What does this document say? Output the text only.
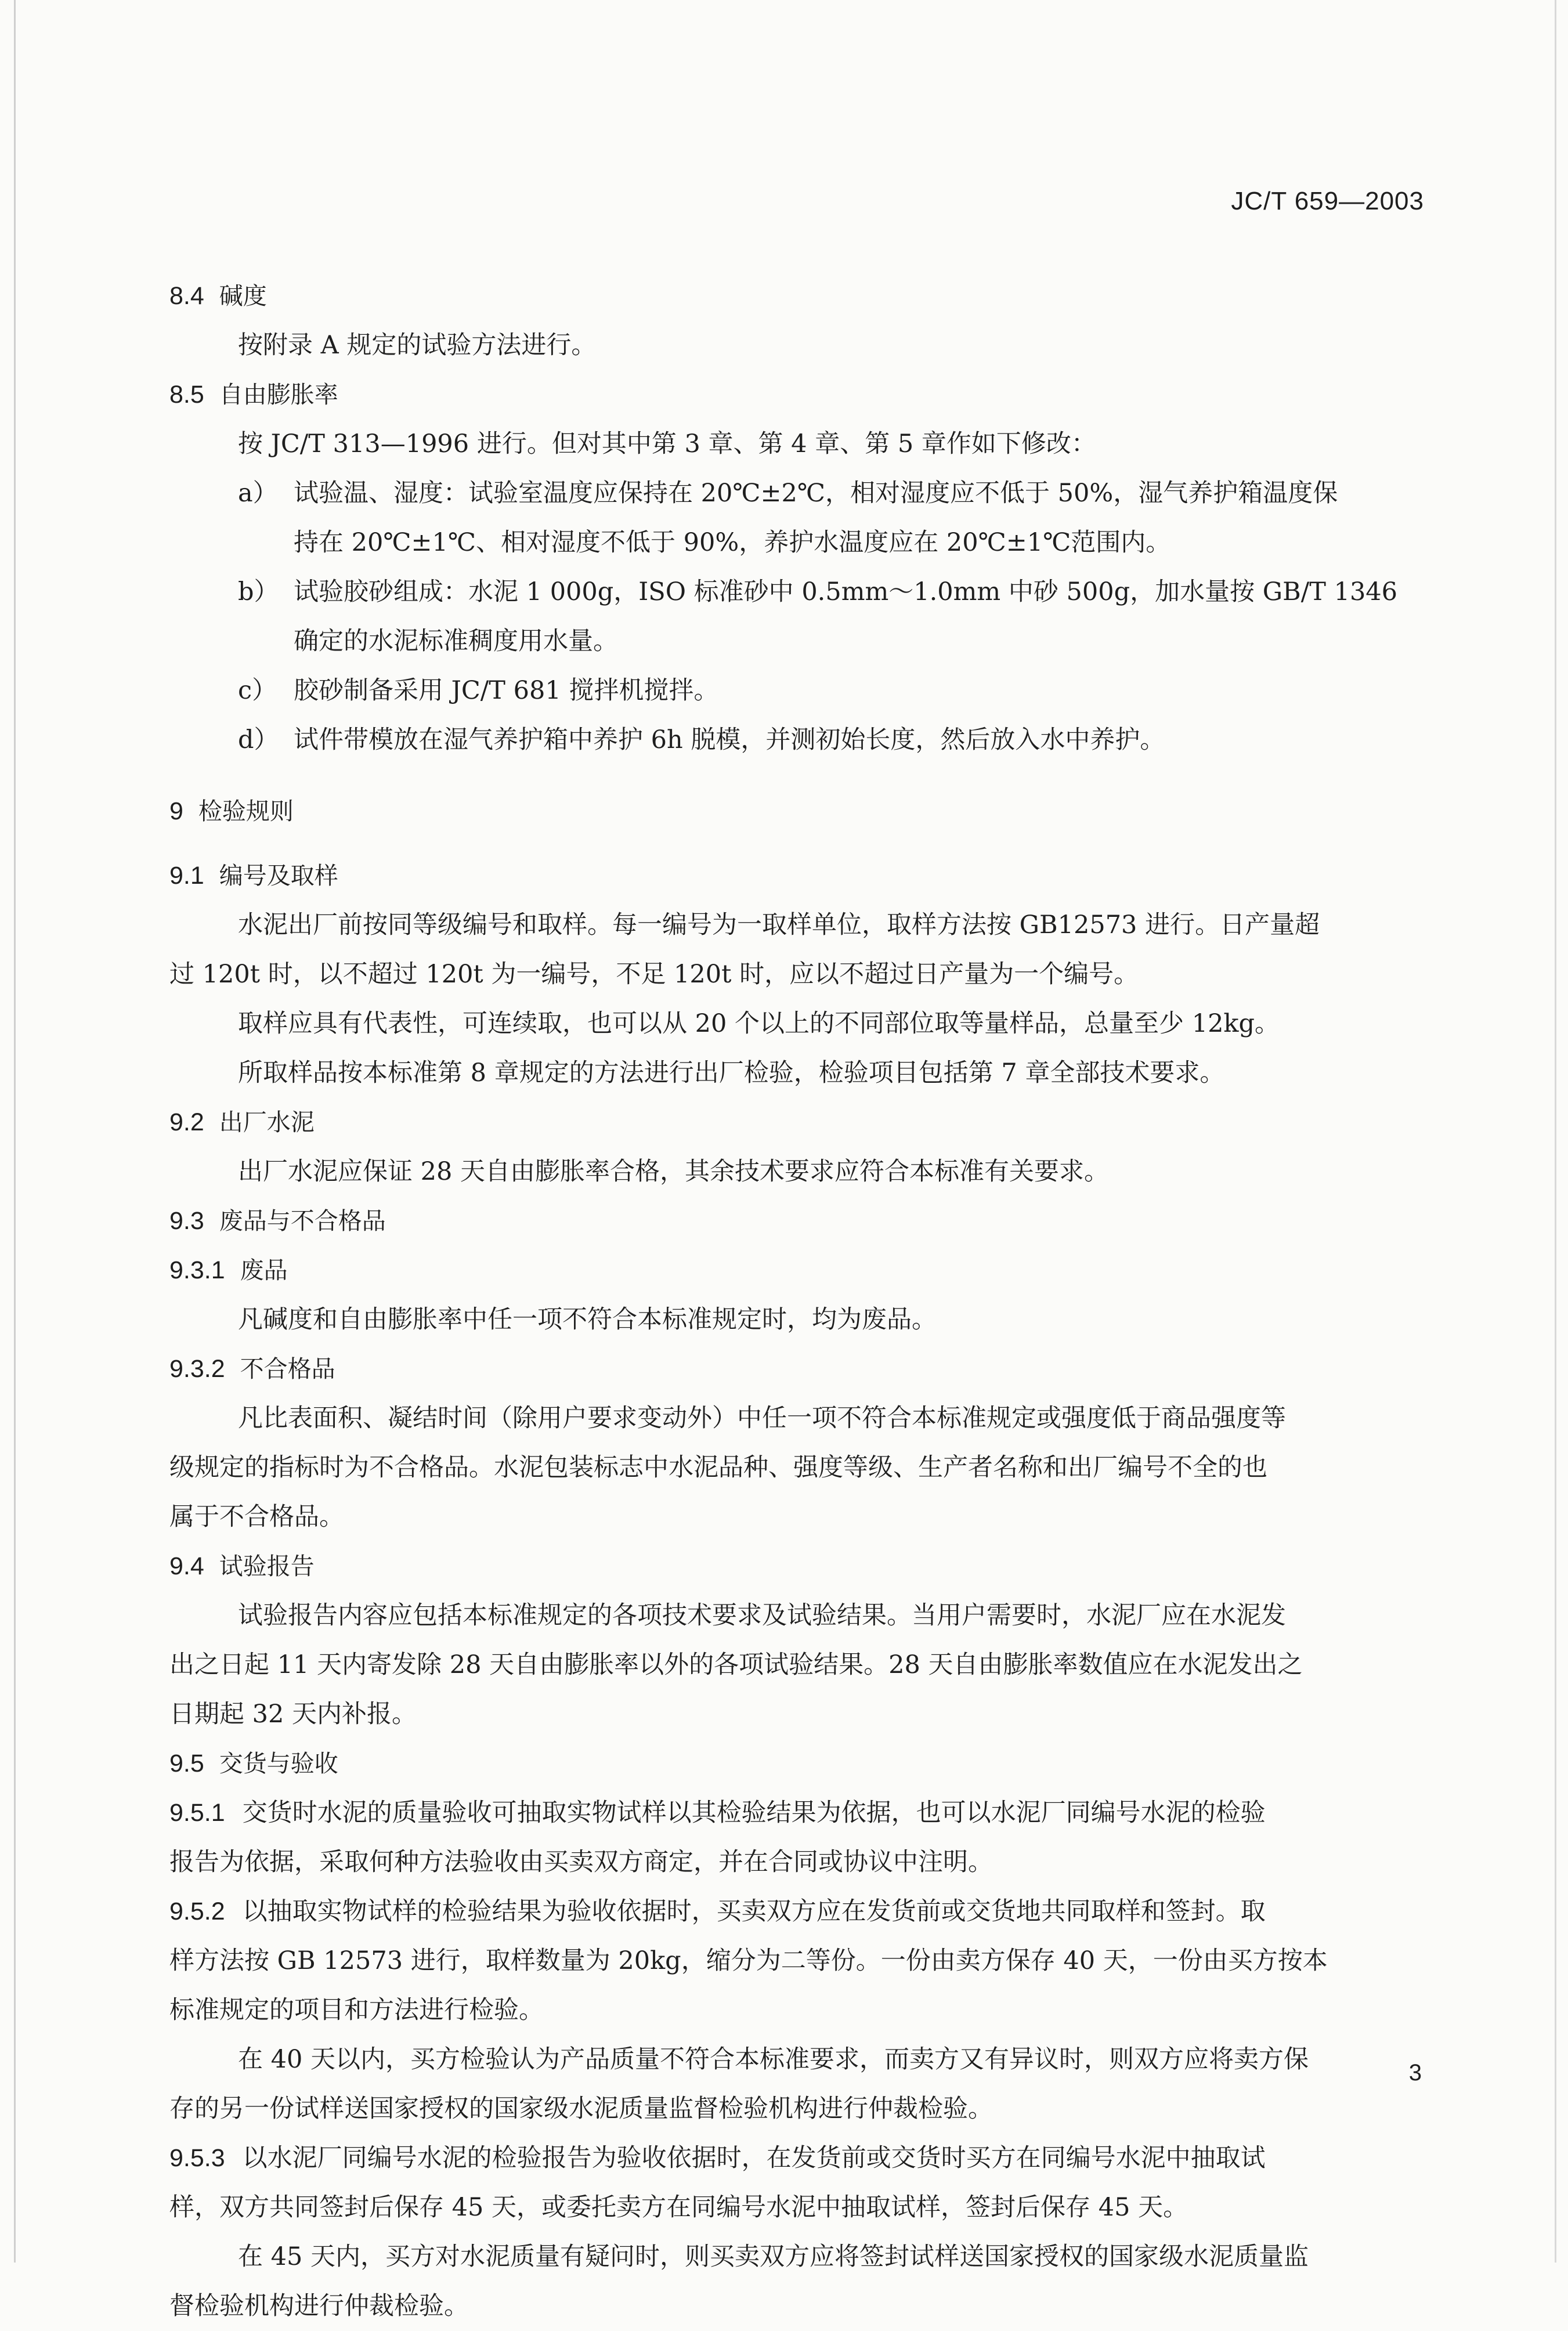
JC/T 659—2003
8.4 碱度
按附录 A 规定的试验方法进行。
8.5 自由膨胀率
按 JC/T 313—1996 进行。但对其中第 3 章、第 4 章、第 5 章作如下修改：
a） 试验温、湿度：试验室温度应保持在 20℃±2℃，相对湿度应不低于 50%，湿气养护箱温度保
持在 20℃±1℃、相对湿度不低于 90%，养护水温度应在 20℃±1℃范围内。
b） 试验胶砂组成：水泥 1 000g，ISO 标准砂中 0.5mm～1.0mm 中砂 500g，加水量按 GB/T 1346
确定的水泥标准稠度用水量。
c） 胶砂制备采用 JC/T 681 搅拌机搅拌。
d） 试件带模放在湿气养护箱中养护 6h 脱模，并测初始长度，然后放入水中养护。
9 检验规则
9.1 编号及取样
水泥出厂前按同等级编号和取样。每一编号为一取样单位，取样方法按 GB12573 进行。日产量超
过 120t 时，以不超过 120t 为一编号，不足 120t 时，应以不超过日产量为一个编号。
取样应具有代表性，可连续取，也可以从 20 个以上的不同部位取等量样品，总量至少 12kg。
所取样品按本标准第 8 章规定的方法进行出厂检验，检验项目包括第 7 章全部技术要求。
9.2 出厂水泥
出厂水泥应保证 28 天自由膨胀率合格，其余技术要求应符合本标准有关要求。
9.3 废品与不合格品
9.3.1 废品
凡碱度和自由膨胀率中任一项不符合本标准规定时，均为废品。
9.3.2 不合格品
凡比表面积、凝结时间（除用户要求变动外）中任一项不符合本标准规定或强度低于商品强度等
级规定的指标时为不合格品。水泥包装标志中水泥品种、强度等级、生产者名称和出厂编号不全的也
属于不合格品。
9.4 试验报告
试验报告内容应包括本标准规定的各项技术要求及试验结果。当用户需要时，水泥厂应在水泥发
出之日起 11 天内寄发除 28 天自由膨胀率以外的各项试验结果。28 天自由膨胀率数值应在水泥发出之
日期起 32 天内补报。
9.5 交货与验收
9.5.1 交货时水泥的质量验收可抽取实物试样以其检验结果为依据，也可以水泥厂同编号水泥的检验
报告为依据，采取何种方法验收由买卖双方商定，并在合同或协议中注明。
9.5.2 以抽取实物试样的检验结果为验收依据时，买卖双方应在发货前或交货地共同取样和签封。取
样方法按 GB 12573 进行，取样数量为 20kg，缩分为二等份。一份由卖方保存 40 天，一份由买方按本
标准规定的项目和方法进行检验。
在 40 天以内，买方检验认为产品质量不符合本标准要求，而卖方又有异议时，则双方应将卖方保
存的另一份试样送国家授权的国家级水泥质量监督检验机构进行仲裁检验。
9.5.3 以水泥厂同编号水泥的检验报告为验收依据时，在发货前或交货时买方在同编号水泥中抽取试
样，双方共同签封后保存 45 天，或委托卖方在同编号水泥中抽取试样，签封后保存 45 天。
在 45 天内，买方对水泥质量有疑问时，则买卖双方应将签封试样送国家授权的国家级水泥质量监
督检验机构进行仲裁检验。
3
